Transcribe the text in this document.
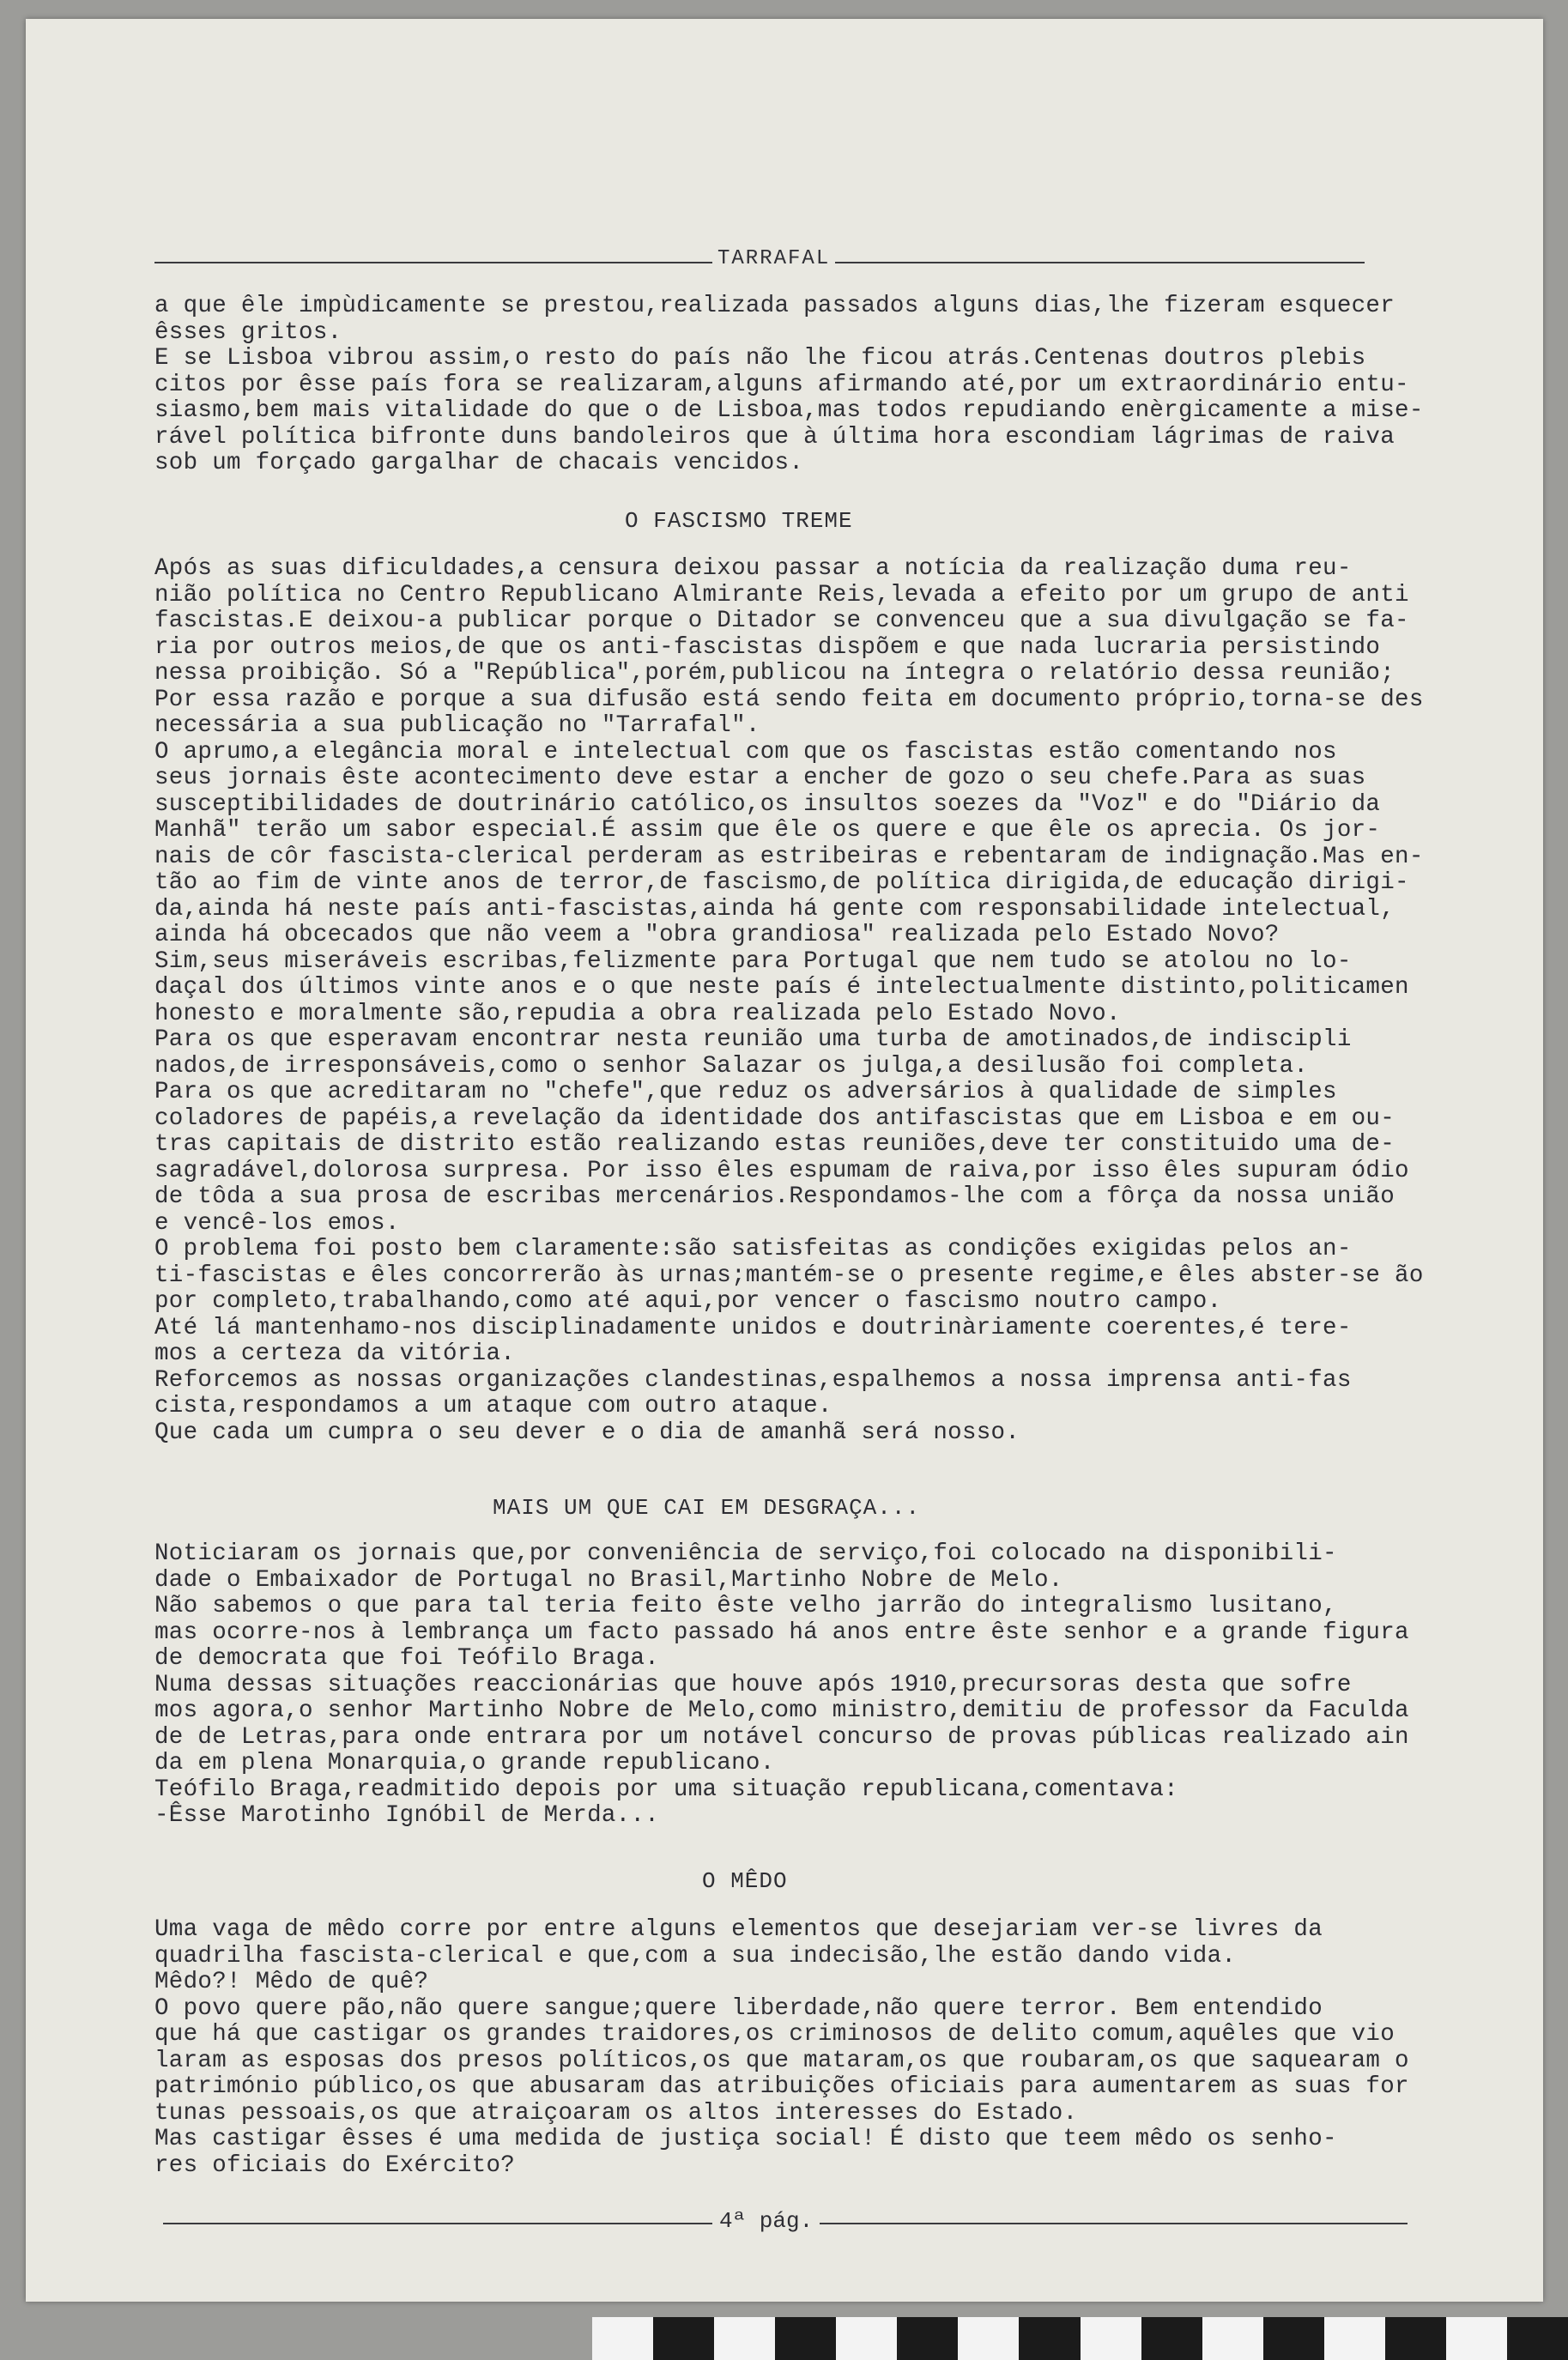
TARRAFAL

a que êle impùdicamente se prestou,realizada passados alguns dias,lhe fizeram esquecer

êsses gritos.

E se Lisboa vibrou assim,o resto do país não lhe ficou atrás.Centenas doutros plebis

citos por êsse país fora se realizaram,alguns afirmando até,por um extraordinário entu-

siasmo,bem mais vitalidade do que o de Lisboa,mas todos repudiando enèrgicamente a mise-

rável política bifronte duns bandoleiros que à última hora escondiam lágrimas de raiva

sob um forçado gargalhar de chacais vencidos.

O FASCISMO TREME

Após as suas dificuldades,a censura deixou passar a notícia da realização duma reu-

nião política no Centro Republicano Almirante Reis,levada a efeito por um grupo de anti

fascistas.E deixou-a publicar porque o Ditador se convenceu que a sua divulgação se fa-

ria por outros meios,de que os anti-fascistas dispõem e que nada lucraria persistindo

nessa proibição. Só a "República",porém,publicou na íntegra o relatório dessa reunião;

Por essa razão e porque a sua difusão está sendo feita em documento próprio,torna-se des

necessária a sua publicação no "Tarrafal".

O aprumo,a elegância moral e intelectual com que os fascistas estão comentando nos

seus jornais êste acontecimento deve estar a encher de gozo o seu chefe.Para as suas

susceptibilidades de doutrinário católico,os insultos soezes da "Voz" e do "Diário da

Manhã" terão um sabor especial.É assim que êle os quere e que êle os aprecia. Os jor-

nais de côr fascista-clerical perderam as estribeiras e rebentaram de indignação.Mas en-

tão ao fim de vinte anos de terror,de fascismo,de política dirigida,de educação dirigi-

da,ainda há neste país anti-fascistas,ainda há gente com responsabilidade intelectual,

ainda há obcecados que não veem a "obra grandiosa" realizada pelo Estado Novo?

Sim,seus miseráveis escribas,felizmente para Portugal que nem tudo se atolou no lo-

daçal dos últimos vinte anos e o que neste país é intelectualmente distinto,politicamen

honesto e moralmente são,repudia a obra realizada pelo Estado Novo.

Para os que esperavam encontrar nesta reunião uma turba de amotinados,de indiscipli

nados,de irresponsáveis,como o senhor Salazar os julga,a desilusão foi completa.

Para os que acreditaram no "chefe",que reduz os adversários à qualidade de simples

coladores de papéis,a revelação da identidade dos antifascistas que em Lisboa e em ou-

tras capitais de distrito estão realizando estas reuniões,deve ter constituido uma de-

sagradável,dolorosa surpresa. Por isso êles espumam de raiva,por isso êles supuram ódio

de tôda a sua prosa de escribas mercenários.Respondamos-lhe com a fôrça da nossa união

e vencê-los emos.

O problema foi posto bem claramente:são satisfeitas as condições exigidas pelos an-

ti-fascistas e êles concorrerão às urnas;mantém-se o presente regime,e êles abster-se ão

por completo,trabalhando,como até aqui,por vencer o fascismo noutro campo.

Até lá mantenhamo-nos disciplinadamente unidos e doutrinàriamente coerentes,é tere-

mos a certeza da vitória.

Reforcemos as nossas organizações clandestinas,espalhemos a nossa imprensa anti-fas

cista,respondamos a um ataque com outro ataque.

Que cada um cumpra o seu dever e o dia de amanhã será nosso.

MAIS UM QUE CAI EM DESGRAÇA...

Noticiaram os jornais que,por conveniência de serviço,foi colocado na disponibili-

dade o Embaixador de Portugal no Brasil,Martinho Nobre de Melo.

Não sabemos o que para tal teria feito êste velho jarrão do integralismo lusitano,

mas ocorre-nos à lembrança um facto passado há anos entre êste senhor e a grande figura

de democrata que foi Teófilo Braga.

Numa dessas situações reaccionárias que houve após 1910,precursoras desta que sofre

mos agora,o senhor Martinho Nobre de Melo,como ministro,demitiu de professor da Faculda

de de Letras,para onde entrara por um notável concurso de provas públicas realizado ain

da em plena Monarquia,o grande republicano.

Teófilo Braga,readmitido depois por uma situação republicana,comentava:

-Êsse Marotinho Ignóbil de Merda...

O MÊDO

Uma vaga de mêdo corre por entre alguns elementos que desejariam ver-se livres da

quadrilha fascista-clerical e que,com a sua indecisão,lhe estão dando vida.

Mêdo?! Mêdo de quê?

O povo quere pão,não quere sangue;quere liberdade,não quere terror. Bem entendido

que há que castigar os grandes traidores,os criminosos de delito comum,aquêles que vio

laram as esposas dos presos políticos,os que mataram,os que roubaram,os que saquearam o

património público,os que abusaram das atribuições oficiais para aumentarem as suas for

tunas pessoais,os que atraiçoaram os altos interesses do Estado.

Mas castigar êsses é uma medida de justiça social! É disto que teem mêdo os senho-

res oficiais do Exército?

4ª pág.
